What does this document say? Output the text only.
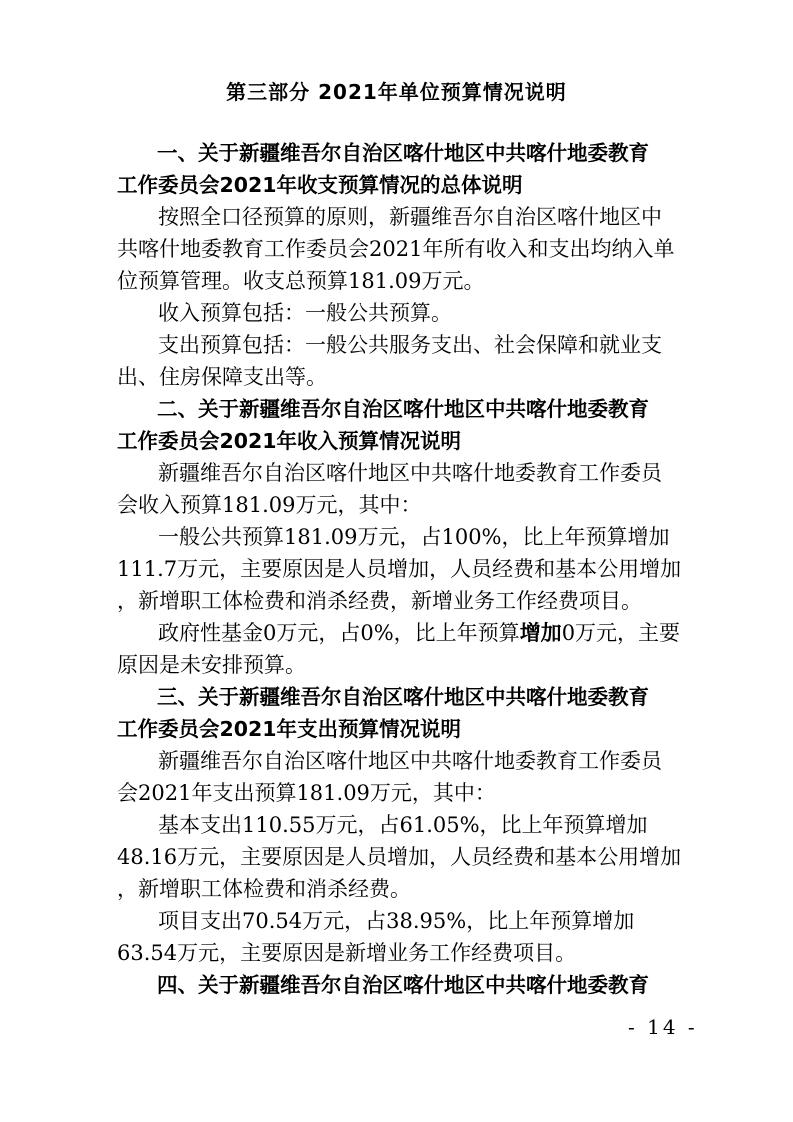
第三部分 2021年单位预算情况说明
一、关于新疆维吾尔自治区喀什地区中共喀什地委教育
工作委员会2021年收支预算情况的总体说明
按照全口径预算的原则，新疆维吾尔自治区喀什地区中
共喀什地委教育工作委员会2021年所有收入和支出均纳入单
位预算管理。收支总预算181.09万元。
收入预算包括：一般公共预算。
支出预算包括：一般公共服务支出、社会保障和就业支
出、住房保障支出等。
二、关于新疆维吾尔自治区喀什地区中共喀什地委教育
工作委员会2021年收入预算情况说明
新疆维吾尔自治区喀什地区中共喀什地委教育工作委员
会收入预算181.09万元，其中：
一般公共预算181.09万元，占100%，比上年预算增加
111.7万元，主要原因是人员增加，人员经费和基本公用增加
，新增职工体检费和消杀经费，新增业务工作经费项目。
政府性基金0万元，占0%，比上年预算增加0万元，主要
原因是未安排预算。
三、关于新疆维吾尔自治区喀什地区中共喀什地委教育
工作委员会2021年支出预算情况说明
新疆维吾尔自治区喀什地区中共喀什地委教育工作委员
会2021年支出预算181.09万元，其中：
基本支出110.55万元，占61.05%，比上年预算增加
48.16万元，主要原因是人员增加，人员经费和基本公用增加
，新增职工体检费和消杀经费。
项目支出70.54万元，占38.95%，比上年预算增加
63.54万元，主要原因是新增业务工作经费项目。
四、关于新疆维吾尔自治区喀什地区中共喀什地委教育
- 14 -
